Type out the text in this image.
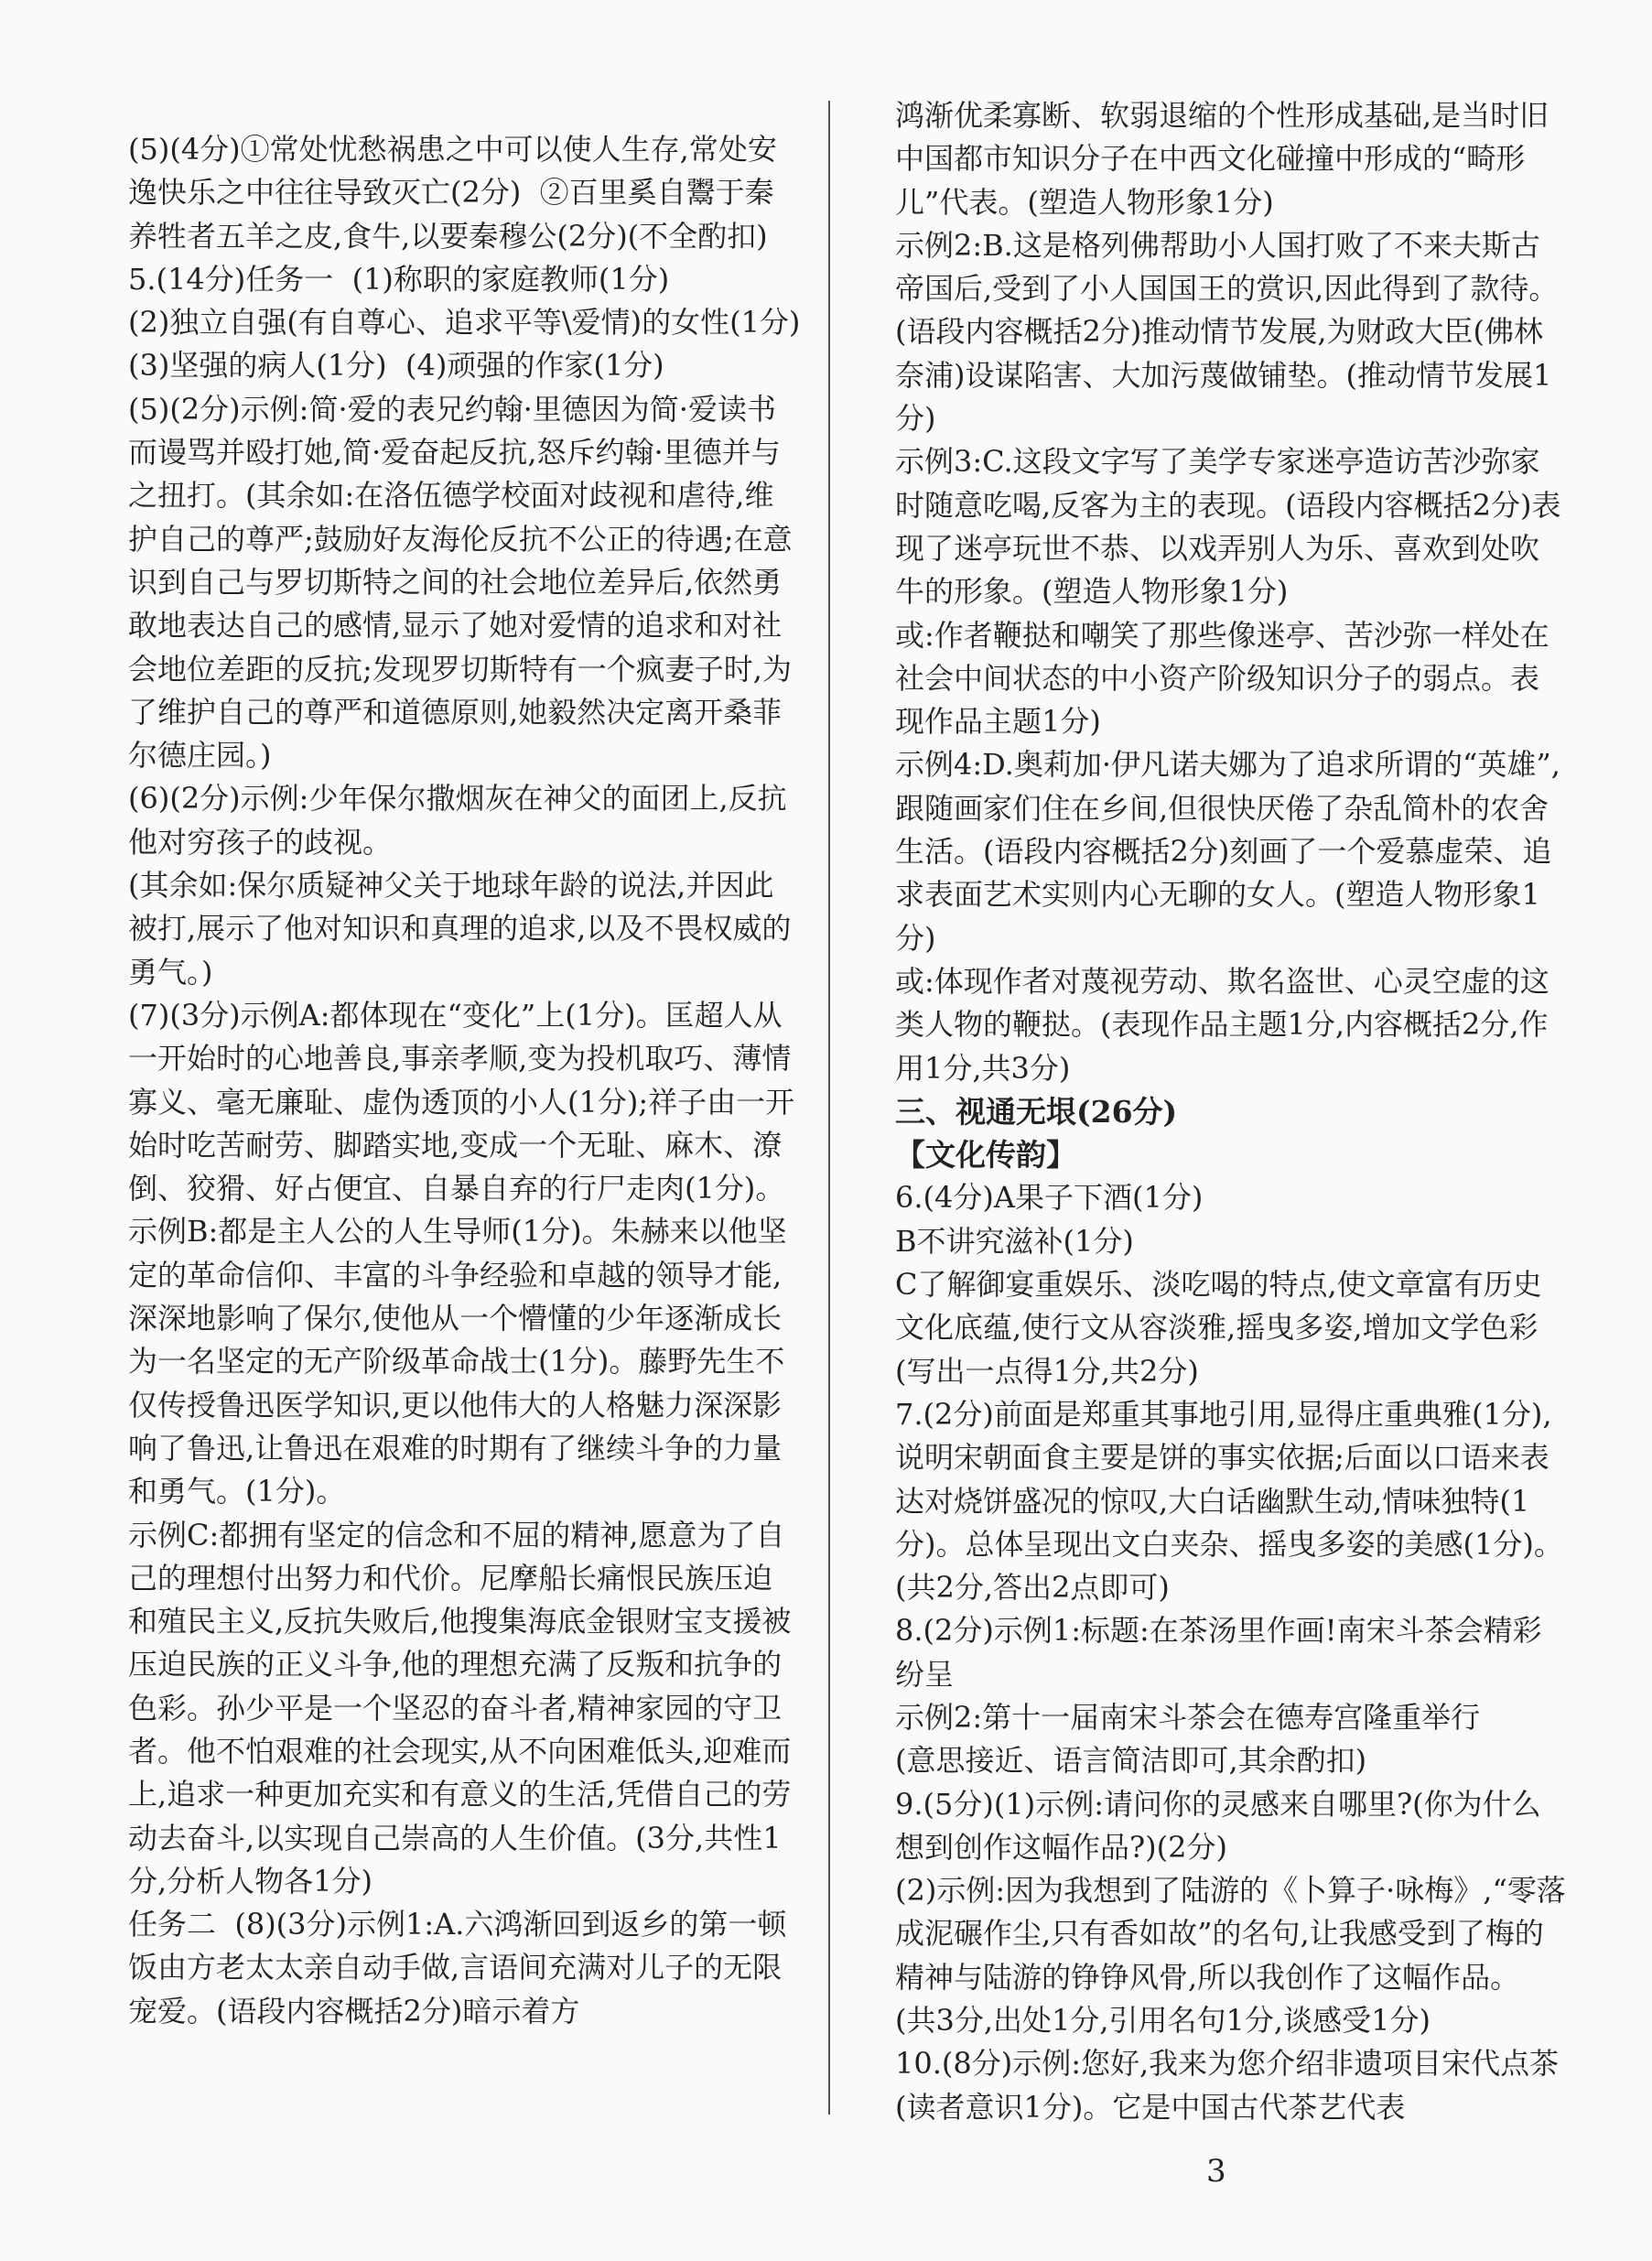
(5)(4分)①常处忧愁祸患之中可以使人生存,常处安逸快乐之中往往导致灭亡(2分)  ②百里奚自鬻于秦养牲者五羊之皮,食牛,以要秦穆公(2分)(不全酌扣)

5.(14分)任务一  (1)称职的家庭教师(1分)

(2)独立自强(有自尊心、追求平等\爱情)的女性(1分)  (3)坚强的病人(1分)  (4)顽强的作家(1分)

(5)(2分)示例:简·爱的表兄约翰·里德因为简·爱读书而谩骂并殴打她,简·爱奋起反抗,怒斥约翰·里德并与之扭打。(其余如:在洛伍德学校面对歧视和虐待,维护自己的尊严;鼓励好友海伦反抗不公正的待遇;在意识到自己与罗切斯特之间的社会地位差异后,依然勇敢地表达自己的感情,显示了她对爱情的追求和对社会地位差距的反抗;发现罗切斯特有一个疯妻子时,为了维护自己的尊严和道德原则,她毅然决定离开桑菲尔德庄园。)

(6)(2分)示例:少年保尔撒烟灰在神父的面团上,反抗他对穷孩子的歧视。

(其余如:保尔质疑神父关于地球年龄的说法,并因此被打,展示了他对知识和真理的追求,以及不畏权威的勇气。)

(7)(3分)示例A:都体现在“变化”上(1分)。匡超人从一开始时的心地善良,事亲孝顺,变为投机取巧、薄情寡义、毫无廉耻、虚伪透顶的小人(1分);祥子由一开始时吃苦耐劳、脚踏实地,变成一个无耻、麻木、潦倒、狡猾、好占便宜、自暴自弃的行尸走肉(1分)。

示例B:都是主人公的人生导师(1分)。朱赫来以他坚定的革命信仰、丰富的斗争经验和卓越的领导才能,深深地影响了保尔,使他从一个懵懂的少年逐渐成长为一名坚定的无产阶级革命战士(1分)。藤野先生不仅传授鲁迅医学知识,更以他伟大的人格魅力深深影响了鲁迅,让鲁迅在艰难的时期有了继续斗争的力量和勇气。(1分)。

示例C:都拥有坚定的信念和不屈的精神,愿意为了自己的理想付出努力和代价。尼摩船长痛恨民族压迫和殖民主义,反抗失败后,他搜集海底金银财宝支援被压迫民族的正义斗争,他的理想充满了反叛和抗争的色彩。孙少平是一个坚忍的奋斗者,精神家园的守卫者。他不怕艰难的社会现实,从不向困难低头,迎难而上,追求一种更加充实和有意义的生活,凭借自己的劳动去奋斗,以实现自己崇高的人生价值。(3分,共性1分,分析人物各1分)

任务二  (8)(3分)示例1:A.六鸿渐回到返乡的第一顿饭由方老太太亲自动手做,言语间充满对儿子的无限宠爱。(语段内容概括2分)暗示着方

鸿渐优柔寡断、软弱退缩的个性形成基础,是当时旧中国都市知识分子在中西文化碰撞中形成的“畸形儿”代表。(塑造人物形象1分)

示例2:B.这是格列佛帮助小人国打败了不来夫斯古帝国后,受到了小人国国王的赏识,因此得到了款待。(语段内容概括2分)推动情节发展,为财政大臣(佛林奈浦)设谋陷害、大加污蔑做铺垫。(推动情节发展1分)

示例3:C.这段文字写了美学专家迷亭造访苦沙弥家时随意吃喝,反客为主的表现。(语段内容概括2分)表现了迷亭玩世不恭、以戏弄别人为乐、喜欢到处吹牛的形象。(塑造人物形象1分)

或:作者鞭挞和嘲笑了那些像迷亭、苦沙弥一样处在社会中间状态的中小资产阶级知识分子的弱点。表现作品主题1分)

示例4:D.奥莉加·伊凡诺夫娜为了追求所谓的“英雄”,跟随画家们住在乡间,但很快厌倦了杂乱简朴的农舍生活。(语段内容概括2分)刻画了一个爱慕虚荣、追求表面艺术实则内心无聊的女人。(塑造人物形象1分)

或:体现作者对蔑视劳动、欺名盗世、心灵空虚的这类人物的鞭挞。(表现作品主题1分,内容概括2分,作用1分,共3分)

三、视通无垠(26分)

【文化传韵】

6.(4分)A果子下酒(1分)

B不讲究滋补(1分)

C了解御宴重娱乐、淡吃喝的特点,使文章富有历史文化底蕴,使行文从容淡雅,摇曳多姿,增加文学色彩(写出一点得1分,共2分)

7.(2分)前面是郑重其事地引用,显得庄重典雅(1分),说明宋朝面食主要是饼的事实依据;后面以口语来表达对烧饼盛况的惊叹,大白话幽默生动,情味独特(1分)。总体呈现出文白夹杂、摇曳多姿的美感(1分)。(共2分,答出2点即可)

8.(2分)示例1:标题:在茶汤里作画!南宋斗茶会精彩纷呈

示例2:第十一届南宋斗茶会在德寿宫隆重举行

(意思接近、语言简洁即可,其余酌扣)

9.(5分)(1)示例:请问你的灵感来自哪里?(你为什么想到创作这幅作品?)(2分)

(2)示例:因为我想到了陆游的《卜算子·咏梅》,“零落成泥碾作尘,只有香如故”的名句,让我感受到了梅的精神与陆游的铮铮风骨,所以我创作了这幅作品。

(共3分,出处1分,引用名句1分,谈感受1分)

10.(8分)示例:您好,我来为您介绍非遗项目宋代点茶(读者意识1分)。它是中国古代茶艺代表

3
